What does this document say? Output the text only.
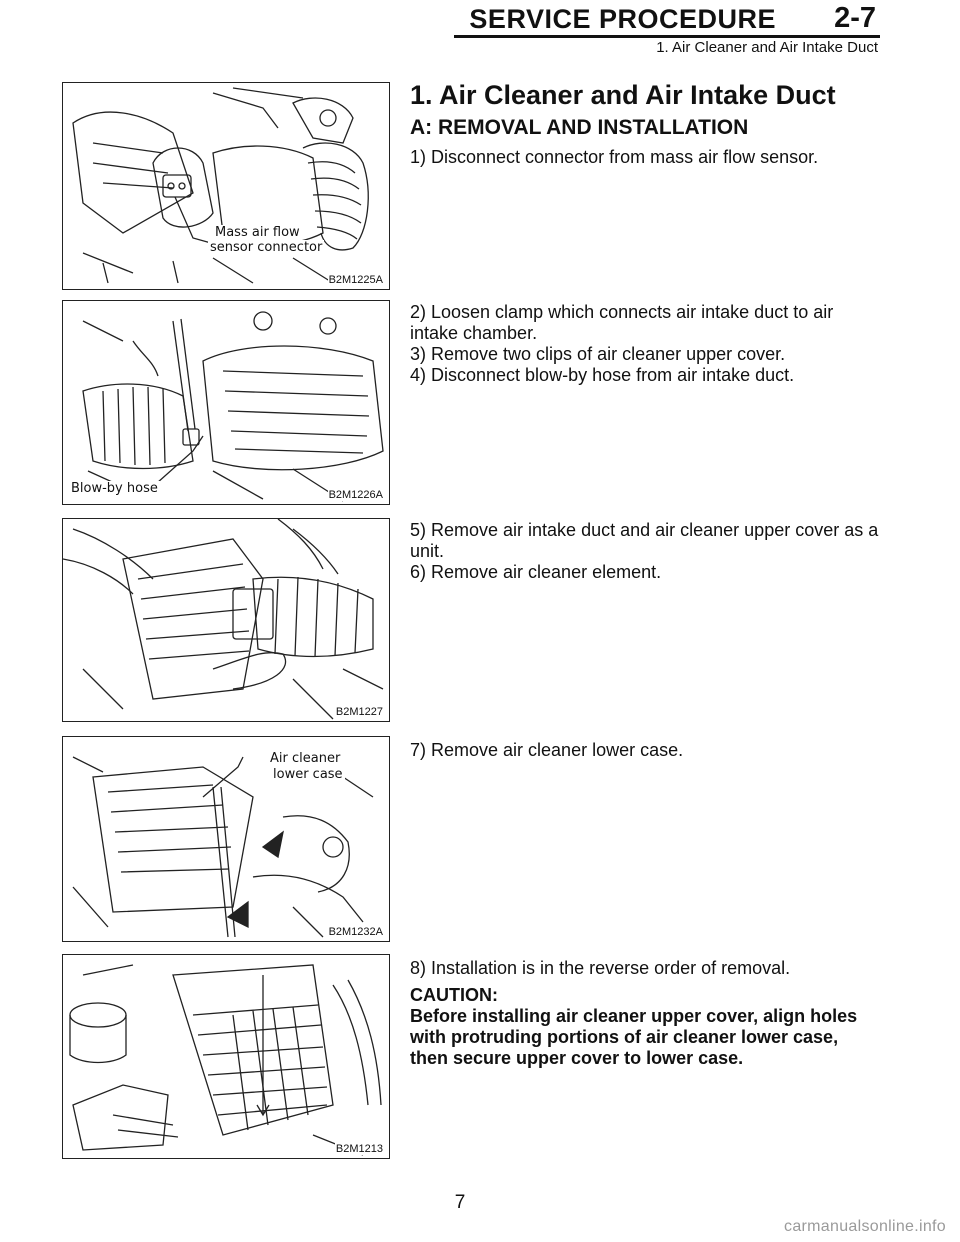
SERVICE PROCEDURE 2-7
1. Air Cleaner and Air Intake Duct
Mass air flow
sensor connector
B2M1225A
Blow-by hose	B2M1226A
B2M1227
Air cleaner
lower case
B2M1232A
B2M1213
1. Air Cleaner and Air Intake Duct
A: REMOVAL AND INSTALLATION

1) Disconnect connector from mass air flow sensor.

2) Loosen clamp which connects air intake duct to air intake chamber.

3) Remove two clips of air cleaner upper cover.

4) Disconnect blow-by hose from air intake duct.

5) Remove air intake duct and air cleaner upper cover as a unit.

6) Remove air cleaner element.

7) Remove air cleaner lower case.

8) Installation is in the reverse order of removal.

CAUTION:

Before installing air cleaner upper cover, align holes with protruding portions of air cleaner lower case, then secure upper cover to lower case.

7
carmanualsonline.info
